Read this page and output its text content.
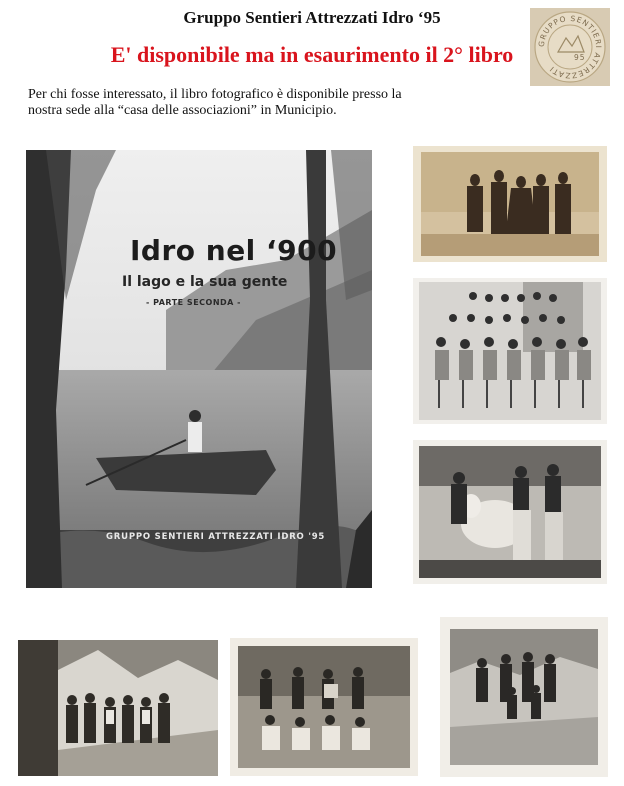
Gruppo Sentieri Attrezzati Idro ‘95
E' disponibile ma in esaurimento il 2° libro
Per chi fosse interessato, il libro fotografico è disponibile presso la
nostra sede alla “casa delle associazioni” in Municipio.
GRUPPO SENTIERI ATTREZZATI
95
Idro nel ‘900
Il lago e la sua gente
- PARTE SECONDA -
GRUPPO SENTIERI ATTREZZATI IDRO '95
